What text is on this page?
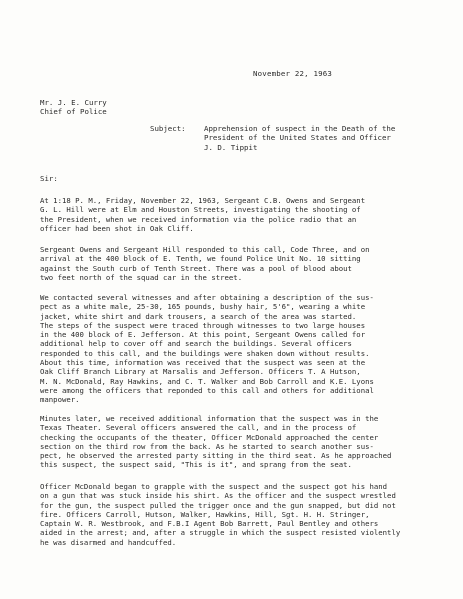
November 22, 1963
Mr. J. E. Curry
Chief of Police
Subject: Apprehension of suspect in the Death of the
President of the United States and Officer
J. D. Tippit
Sir:
At 1:18 P. M., Friday, November 22, 1963, Sergeant C.B. Owens and Sergeant
G. L. Hill were at Elm and Houston Streets, investigating the shooting of
the President, when we received information via the police radio that an
officer had been shot in Oak Cliff.
Sergeant Owens and Sergeant Hill responded to this call, Code Three, and on
arrival at the 400 block of E. Tenth, we found Police Unit No. 10 sitting
against the South curb of Tenth Street. There was a pool of blood about
two feet north of the squad car in the street.
We contacted several witnesses and after obtaining a description of the sus-
pect as a white male, 25-30, 165 pounds, bushy hair, 5'6", wearing a white
jacket, white shirt and dark trousers, a search of the area was started.
The steps of the suspect were traced through witnesses to two large houses
in the 400 block of E. Jefferson. At this point, Sergeant Owens called for
additional help to cover off and search the buildings. Several officers
responded to this call, and the buildings were shaken down without results.
About this time, information was received that the suspect was seen at the
Oak Cliff Branch Library at Marsalis and Jefferson. Officers T. A Hutson,
M. N. McDonald, Ray Hawkins, and C. T. Walker and Bob Carroll and K.E. Lyons
were among the officers that reponded to this call and others for additional
manpower.
Minutes later, we received additional information that the suspect was in the
Texas Theater. Several officers answered the call, and in the process of
checking the occupants of the theater, Officer McDonald approached the center
section on the third row from the back. As he started to search another sus-
pect, he observed the arrested party sitting in the third seat. As he approached
this suspect, the suspect said, "This is it", and sprang from the seat.
Officer McDonald began to grapple with the suspect and the suspect got his hand
on a gun that was stuck inside his shirt. As the officer and the suspect wrestled
for the gun, the suspect pulled the trigger once and the gun snapped, but did not
fire. Officers Carroll, Hutson, Walker, Hawkins, Hill, Sgt. H. H. Stringer,
Captain W. R. Westbrook, and F.B.I Agent Bob Barrett, Paul Bentley and others
aided in the arrest; and, after a struggle in which the suspect resisted violently
he was disarmed and handcuffed.
